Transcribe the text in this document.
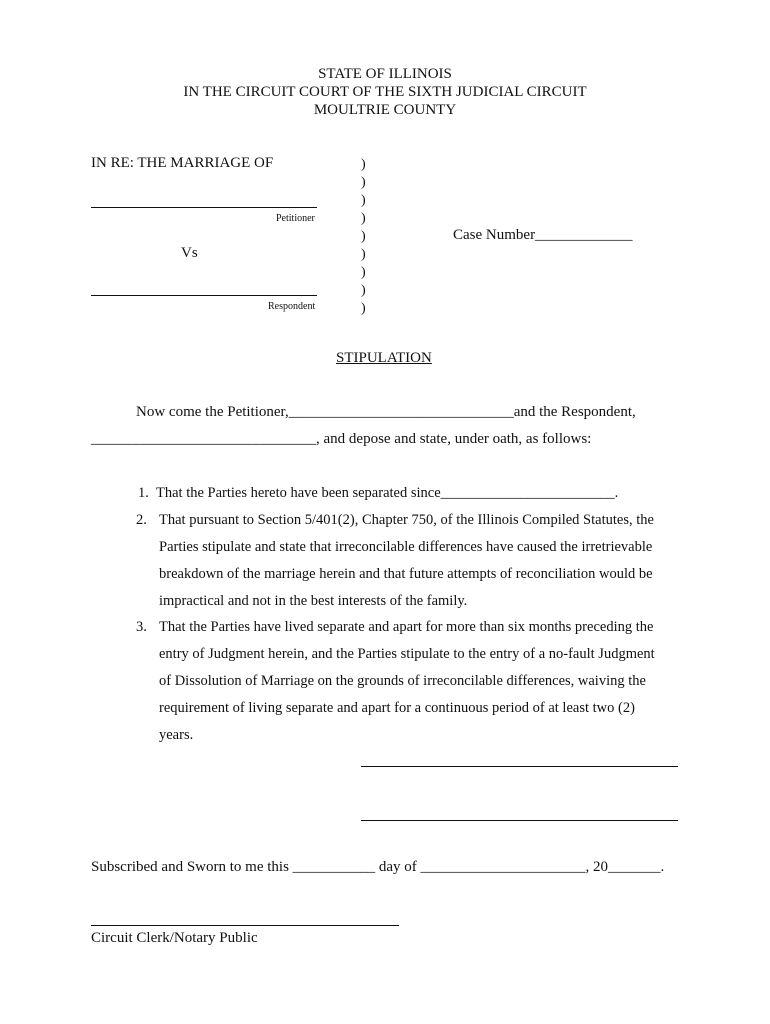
STATE OF ILLINOIS
IN THE CIRCUIT COURT OF THE SIXTH JUDICIAL CIRCUIT
MOULTRIE COUNTY
IN RE: THE MARRIAGE OF
Petitioner
Vs
Respondent
)
)
)
)
)
)
)
)
)
Case Number_____________
STIPULATION
Now come the Petitioner,______________________________and the Respondent,
______________________________, and depose and state, under oath, as follows:
1. That the Parties hereto have been separated since________________________.
2. That pursuant to Section 5/401(2), Chapter 750, of the Illinois Compiled Statutes, the
Parties stipulate and state that irreconcilable differences have caused the irretrievable
breakdown of the marriage herein and that future attempts of reconciliation would be
impractical and not in the best interests of the family.
3. That the Parties have lived separate and apart for more than six months preceding the
entry of Judgment herein, and the Parties stipulate to the entry of a no-fault Judgment
of Dissolution of Marriage on the grounds of irreconcilable differences, waiving the
requirement of living separate and apart for a continuous period of at least two (2)
years.
Subscribed and Sworn to me this ___________ day of ______________________, 20_______.
Circuit Clerk/Notary Public
